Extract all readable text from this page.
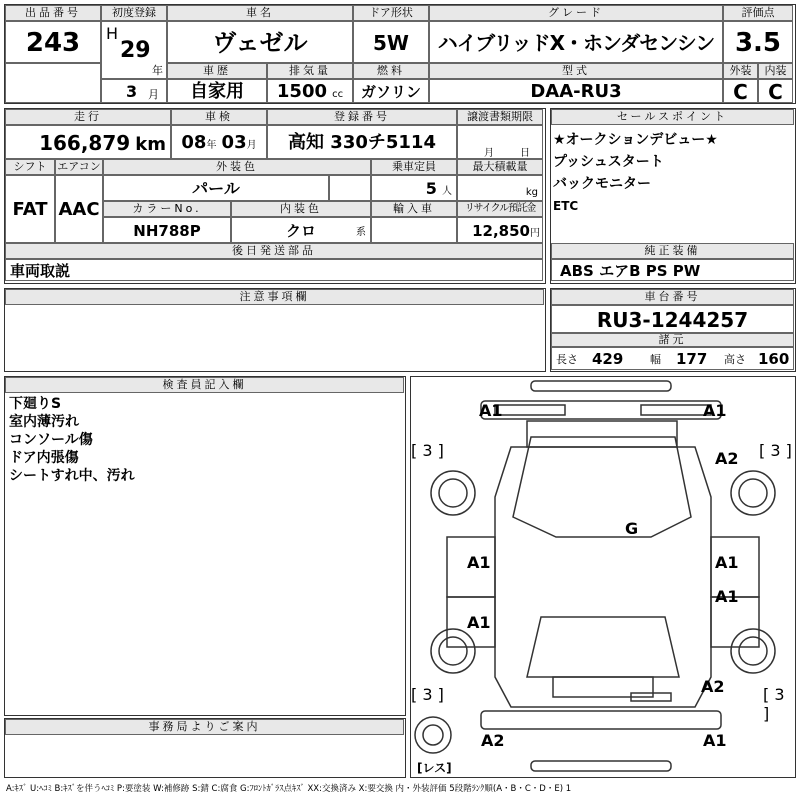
出品番号
243
初度登録
H
29
年
3 月
車名
ヴェゼル
ドア形状
5W
グレード
ハイブリッドX・ホンダセンシン
評価点
3.5
外装	内装
C	C
車歴
自家用
排気量
1500 cc
燃料
ガソリン
型式
DAA-RU3
走行
166,879 km
車検
08年 03月
登録番号
高知 330チ5114
譲渡書類期限
月	日
シフト
FAT
エアコン
AAC
外装色
パール
乗車定員
5 人
最大積載量
kg
カラーNo.
NH788P
内装色
クロ	系
輸入車	リサイクル預託金
12,850円
後日発送部品
車両取説
セールスポイント
★オークションデビュー★
プッシュスタート
バックモニター
ETC
純正装備
ABS エアB PS PW
注意事項欄	車台番号
RU3-1244257
諸元
長さ 429 幅 177 高さ 160
検査員記入欄
下廻りS
室内薄汚れ
コンソール傷
ドア内張傷
シートすれ中、汚れ
事務局よりご案内
A1	A1
A2
[ 3 ]	[ 3 ]
G
A1	A1
A1
A1
A2
[ 3 ]	[ 3 ]
A2	A1
[レス]
A:ｷｽﾞ U:ﾍｺﾐ B:ｷｽﾞを伴うﾍｺﾐ P:要塗装 W:補修跡 S:錆 C:腐食 G:ﾌﾛﾝﾄｶﾞﾗｽ点ｷｽﾞ XX:交換済み X:要交換 内・外装評価 5段階ﾗﾝｸ順(A・B・C・D・E) 1
